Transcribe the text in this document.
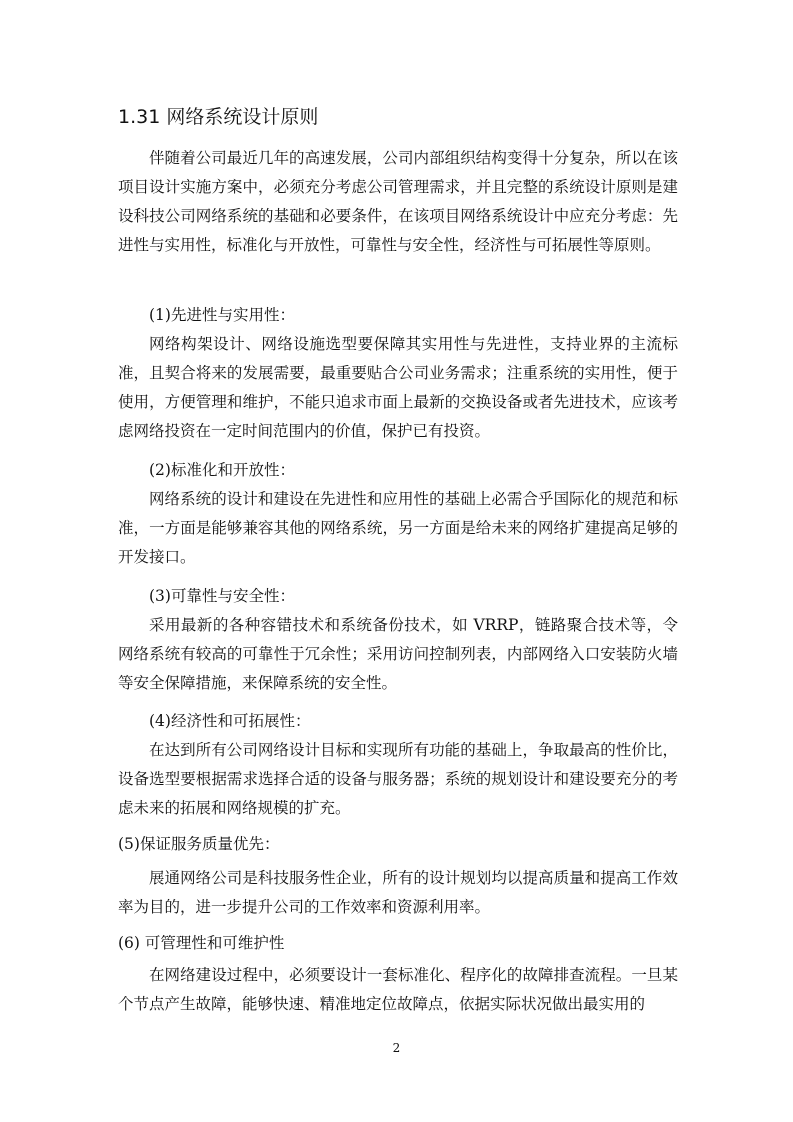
1.31 网络系统设计原则

伴随着公司最近几年的高速发展，公司内部组织结构变得十分复杂，所以在该项目设计实施方案中，必须充分考虑公司管理需求，并且完整的系统设计原则是建设科技公司网络系统的基础和必要条件，在该项目网络系统设计中应充分考虑：先进性与实用性，标准化与开放性，可靠性与安全性，经济性与可拓展性等原则。

(1)先进性与实用性：

网络构架设计、网络设施选型要保障其实用性与先进性，支持业界的主流标准，且契合将来的发展需要，最重要贴合公司业务需求；注重系统的实用性，便于使用，方便管理和维护，不能只追求市面上最新的交换设备或者先进技术，应该考虑网络投资在一定时间范围内的价值，保护已有投资。

(2)标准化和开放性：

网络系统的设计和建设在先进性和应用性的基础上必需合乎国际化的规范和标准，一方面是能够兼容其他的网络系统，另一方面是给未来的网络扩建提高足够的开发接口。

(3)可靠性与安全性：

采用最新的各种容错技术和系统备份技术，如 VRRP，链路聚合技术等，令网络系统有较高的可靠性于冗余性；采用访问控制列表，内部网络入口安装防火墙等安全保障措施，来保障系统的安全性。

(4)经济性和可拓展性：

在达到所有公司网络设计目标和实现所有功能的基础上，争取最高的性价比，设备选型要根据需求选择合适的设备与服务器；系统的规划设计和建设要充分的考虑未来的拓展和网络规模的扩充。

(5)保证服务质量优先：

展通网络公司是科技服务性企业，所有的设计规划均以提高质量和提高工作效率为目的，进一步提升公司的工作效率和资源利用率。

(6) 可管理性和可维护性

在网络建设过程中，必须要设计一套标准化、程序化的故障排查流程。一旦某个节点产生故障，能够快速、精准地定位故障点，依据实际状况做出最实用的

2
